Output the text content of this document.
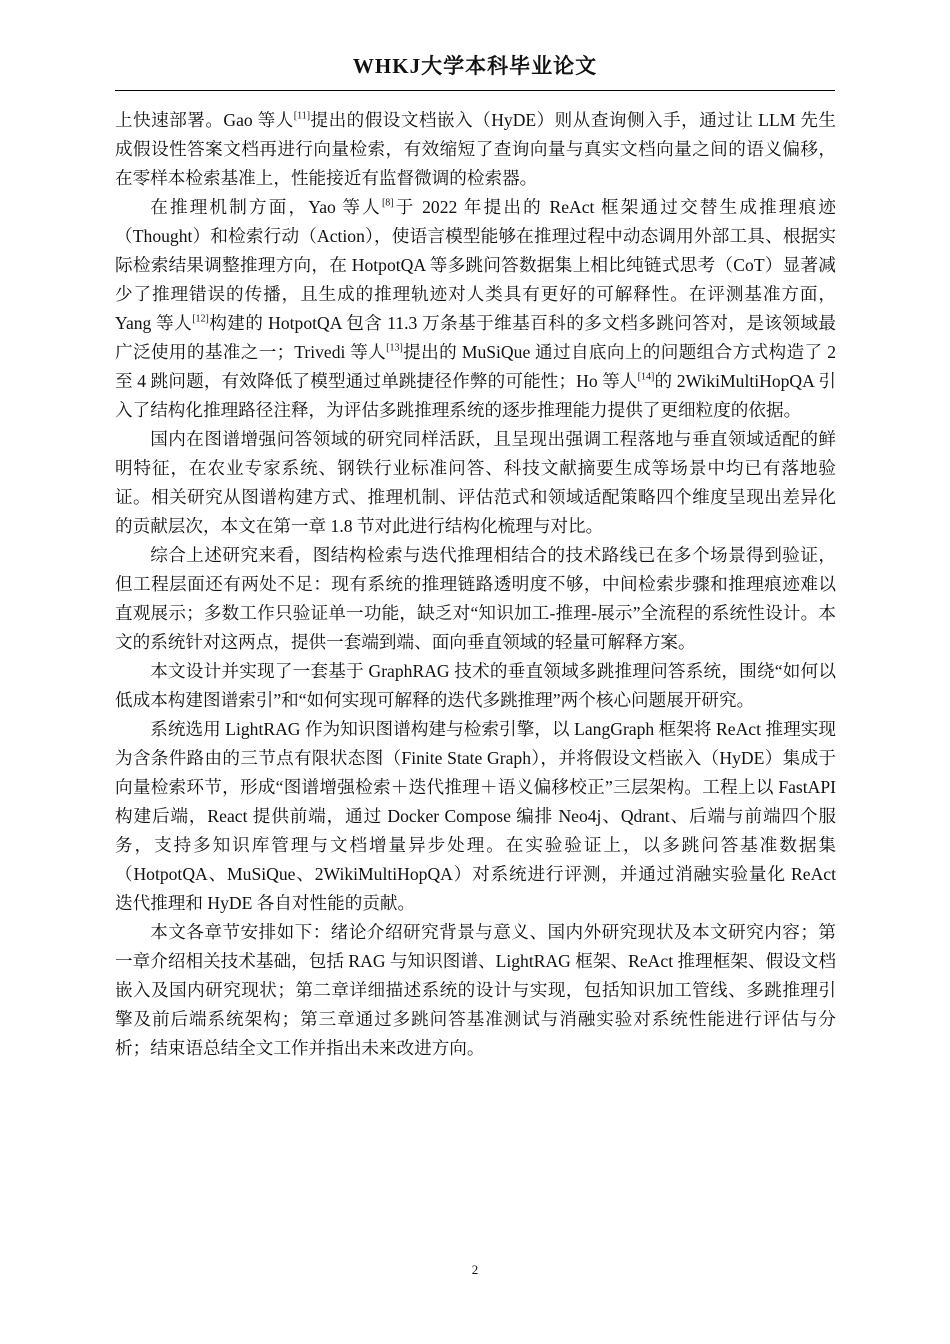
WHKJ大学本科毕业论文

上快速部署。Gao 等人[11]提出的假设文档嵌入（HyDE）则从查询侧入手，通过让 LLM 先生成假设性答案文档再进行向量检索，有效缩短了查询向量与真实文档向量之间的语义偏移，在零样本检索基准上，性能接近有监督微调的检索器。

在推理机制方面，Yao 等人[8]于 2022 年提出的 ReAct 框架通过交替生成推理痕迹（Thought）和检索行动（Action），使语言模型能够在推理过程中动态调用外部工具、根据实际检索结果调整推理方向，在 HotpotQA 等多跳问答数据集上相比纯链式思考（CoT）显著减少了推理错误的传播，且生成的推理轨迹对人类具有更好的可解释性。在评测基准方面，Yang 等人[12]构建的 HotpotQA 包含 11.3 万条基于维基百科的多文档多跳问答对，是该领域最广泛使用的基准之一；Trivedi 等人[13]提出的 MuSiQue 通过自底向上的问题组合方式构造了 2 至 4 跳问题，有效降低了模型通过单跳捷径作弊的可能性；Ho 等人[14]的 2WikiMultiHopQA 引入了结构化推理路径注释，为评估多跳推理系统的逐步推理能力提供了更细粒度的依据。

国内在图谱增强问答领域的研究同样活跃，且呈现出强调工程落地与垂直领域适配的鲜明特征，在农业专家系统、钢铁行业标准问答、科技文献摘要生成等场景中均已有落地验证。相关研究从图谱构建方式、推理机制、评估范式和领域适配策略四个维度呈现出差异化的贡献层次，本文在第一章 1.8 节对此进行结构化梳理与对比。

综合上述研究来看，图结构检索与迭代推理相结合的技术路线已在多个场景得到验证，但工程层面还有两处不足：现有系统的推理链路透明度不够，中间检索步骤和推理痕迹难以直观展示；多数工作只验证单一功能，缺乏对“知识加工-推理-展示”全流程的系统性设计。本文的系统针对这两点，提供一套端到端、面向垂直领域的轻量可解释方案。

本文设计并实现了一套基于 GraphRAG 技术的垂直领域多跳推理问答系统，围绕“如何以低成本构建图谱索引”和“如何实现可解释的迭代多跳推理”两个核心问题展开研究。

系统选用 LightRAG 作为知识图谱构建与检索引擎，以 LangGraph 框架将 ReAct 推理实现为含条件路由的三节点有限状态图（Finite State Graph），并将假设文档嵌入（HyDE）集成于向量检索环节，形成“图谱增强检索＋迭代推理＋语义偏移校正”三层架构。工程上以 FastAPI 构建后端，React 提供前端，通过 Docker Compose 编排 Neo4j、Qdrant、后端与前端四个服务，支持多知识库管理与文档增量异步处理。在实验验证上，以多跳问答基准数据集（HotpotQA、MuSiQue、2WikiMultiHopQA）对系统进行评测，并通过消融实验量化 ReAct 迭代推理和 HyDE 各自对性能的贡献。

本文各章节安排如下：绪论介绍研究背景与意义、国内外研究现状及本文研究内容；第一章介绍相关技术基础，包括 RAG 与知识图谱、LightRAG 框架、ReAct 推理框架、假设文档嵌入及国内研究现状；第二章详细描述系统的设计与实现，包括知识加工管线、多跳推理引擎及前后端系统架构；第三章通过多跳问答基准测试与消融实验对系统性能进行评估与分析；结束语总结全文工作并指出未来改进方向。

2
